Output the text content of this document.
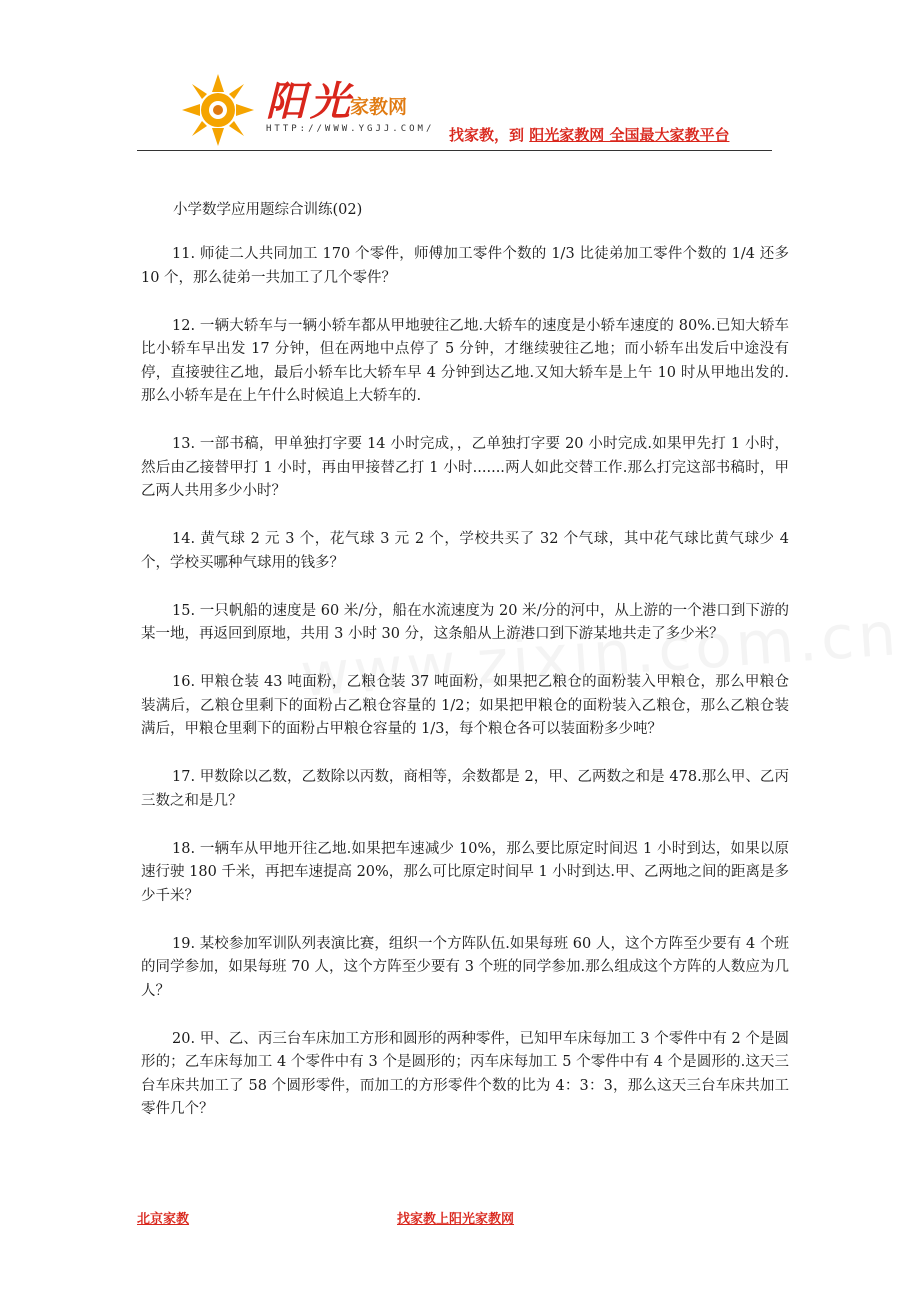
阳光
家教网
HTTP://WWW.YGJJ.COM/ 找家教，到 阳光家教网 全国最大家教平台
小学数学应用题综合训练(02)

11. 师徒二人共同加工 170 个零件，师傅加工零件个数的 1/3 比徒弟加工零件个数的 1/4 还多 10 个，那么徒弟一共加工了几个零件？

12. 一辆大轿车与一辆小轿车都从甲地驶往乙地.大轿车的速度是小轿车速度的 80%.已知大轿车比小轿车早出发 17 分钟，但在两地中点停了 5 分钟，才继续驶往乙地；而小轿车出发后中途没有停，直接驶往乙地，最后小轿车比大轿车早 4 分钟到达乙地.又知大轿车是上午 10 时从甲地出发的.那么小轿车是在上午什么时候追上大轿车的.

13. 一部书稿，甲单独打字要 14 小时完成，，乙单独打字要 20 小时完成.如果甲先打 1 小时，然后由乙接替甲打 1 小时，再由甲接替乙打 1 小时.......两人如此交替工作.那么打完这部书稿时，甲乙两人共用多少小时？

14. 黄气球 2 元 3 个，花气球 3 元 2 个，学校共买了 32 个气球，其中花气球比黄气球少 4 个，学校买哪种气球用的钱多？

15. 一只帆船的速度是 60 米/分，船在水流速度为 20 米/分的河中，从上游的一个港口到下游的某一地，再返回到原地，共用 3 小时 30 分，这条船从上游港口到下游某地共走了多少米？

16. 甲粮仓装 43 吨面粉，乙粮仓装 37 吨面粉，如果把乙粮仓的面粉装入甲粮仓，那么甲粮仓装满后，乙粮仓里剩下的面粉占乙粮仓容量的 1/2；如果把甲粮仓的面粉装入乙粮仓，那么乙粮仓装满后，甲粮仓里剩下的面粉占甲粮仓容量的 1/3，每个粮仓各可以装面粉多少吨？

17. 甲数除以乙数，乙数除以丙数，商相等，余数都是 2，甲、乙两数之和是 478.那么甲、乙丙三数之和是几？

18. 一辆车从甲地开往乙地.如果把车速减少 10%，那么要比原定时间迟 1 小时到达，如果以原速行驶 180 千米，再把车速提高 20%，那么可比原定时间早 1 小时到达.甲、乙两地之间的距离是多少千米？

19. 某校参加军训队列表演比赛，组织一个方阵队伍.如果每班 60 人，这个方阵至少要有 4 个班的同学参加，如果每班 70 人，这个方阵至少要有 3 个班的同学参加.那么组成这个方阵的人数应为几人？

20. 甲、乙、丙三台车床加工方形和圆形的两种零件，已知甲车床每加工 3 个零件中有 2 个是圆形的；乙车床每加工 4 个零件中有 3 个是圆形的；丙车床每加工 5 个零件中有 4 个是圆形的.这天三台车床共加工了 58 个圆形零件，而加工的方形零件个数的比为 4：3：3，那么这天三台车床共加工零件几个？

北京家教	找家教上阳光家教网
